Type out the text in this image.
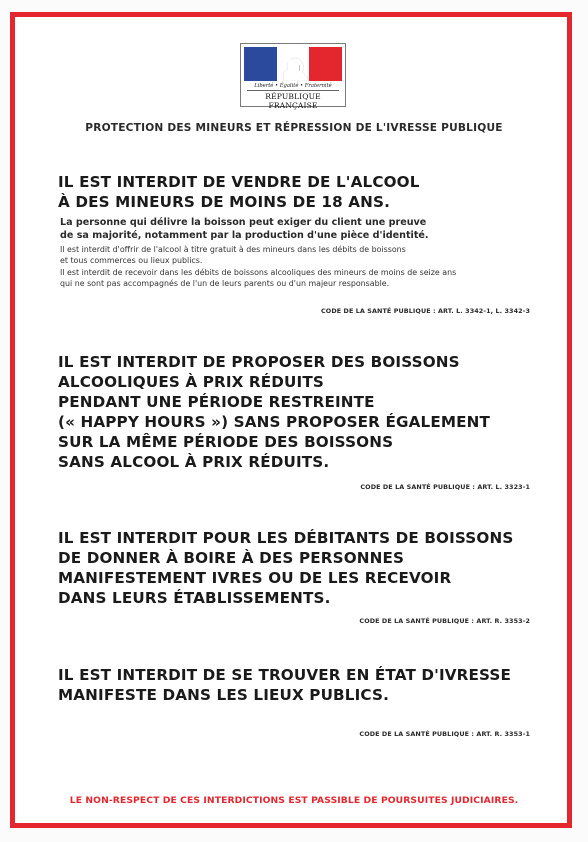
Liberté • Égalité • Fraternité
RÉPUBLIQUE FRANÇAISE
PROTECTION DES MINEURS ET RÉPRESSION DE L'IVRESSE PUBLIQUE
IL EST INTERDIT DE VENDRE DE L'ALCOOL
À DES MINEURS DE MOINS DE 18 ANS.

La personne qui délivre la boisson peut exiger du client une preuve
de sa majorité, notamment par la production d'une pièce d'identité.

Il est interdit d'offrir de l'alcool à titre gratuit à des mineurs dans les débits de boissons
et tous commerces ou lieux publics.
Il est interdit de recevoir dans les débits de boissons alcooliques des mineurs de moins de seize ans
qui ne sont pas accompagnés de l'un de leurs parents ou d'un majeur responsable.

CODE DE LA SANTÉ PUBLIQUE : ART. L. 3342-1, L. 3342-3
IL EST INTERDIT DE PROPOSER DES BOISSONS
ALCOOLIQUES À PRIX RÉDUITS
PENDANT UNE PÉRIODE RESTREINTE
(« HAPPY HOURS ») SANS PROPOSER ÉGALEMENT
SUR LA MÊME PÉRIODE DES BOISSONS
SANS ALCOOL À PRIX RÉDUITS.
CODE DE LA SANTÉ PUBLIQUE : ART. L. 3323-1
IL EST INTERDIT POUR LES DÉBITANTS DE BOISSONS
DE DONNER À BOIRE À DES PERSONNES
MANIFESTEMENT IVRES OU DE LES RECEVOIR
DANS LEURS ÉTABLISSEMENTS.
CODE DE LA SANTÉ PUBLIQUE : ART. R. 3353-2
IL EST INTERDIT DE SE TROUVER EN ÉTAT D'IVRESSE
MANIFESTE DANS LES LIEUX PUBLICS.
CODE DE LA SANTÉ PUBLIQUE : ART. R. 3353-1
LE NON-RESPECT DE CES INTERDICTIONS EST PASSIBLE DE POURSUITES JUDICIAIRES.
